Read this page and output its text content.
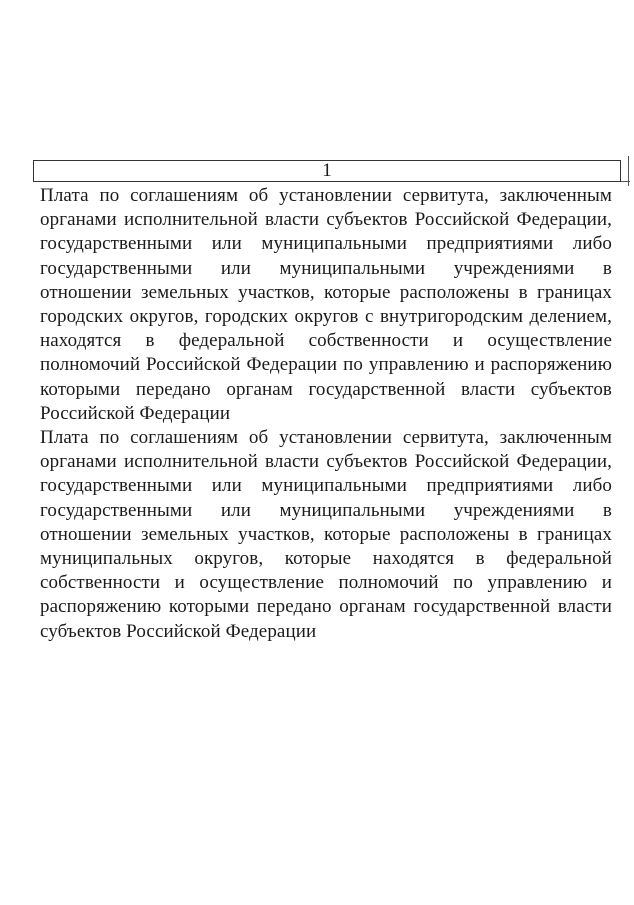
1

Плата по соглашениям об установлении сервитута, заключенным органами исполнительной власти субъектов Российской Федерации, государственными или муниципальными предприятиями либо государственными или муниципальными учреждениями в отношении земельных участков, которые расположены в границах городских округов, городских округов с внутригородским делением, находятся в федеральной собственности и осуществление полномочий Российской Федерации по управлению и распоряжению которыми передано органам государственной власти субъектов Российской Федерации

Плата по соглашениям об установлении сервитута, заключенным органами исполнительной власти субъектов Российской Федерации, государственными или муниципальными предприятиями либо государственными или муниципальными учреждениями в отношении земельных участков, которые расположены в границах муниципальных округов, которые находятся в федеральной собственности и осуществление полномочий по управлению и распоряжению которыми передано органам государственной власти субъектов Российской Федерации
